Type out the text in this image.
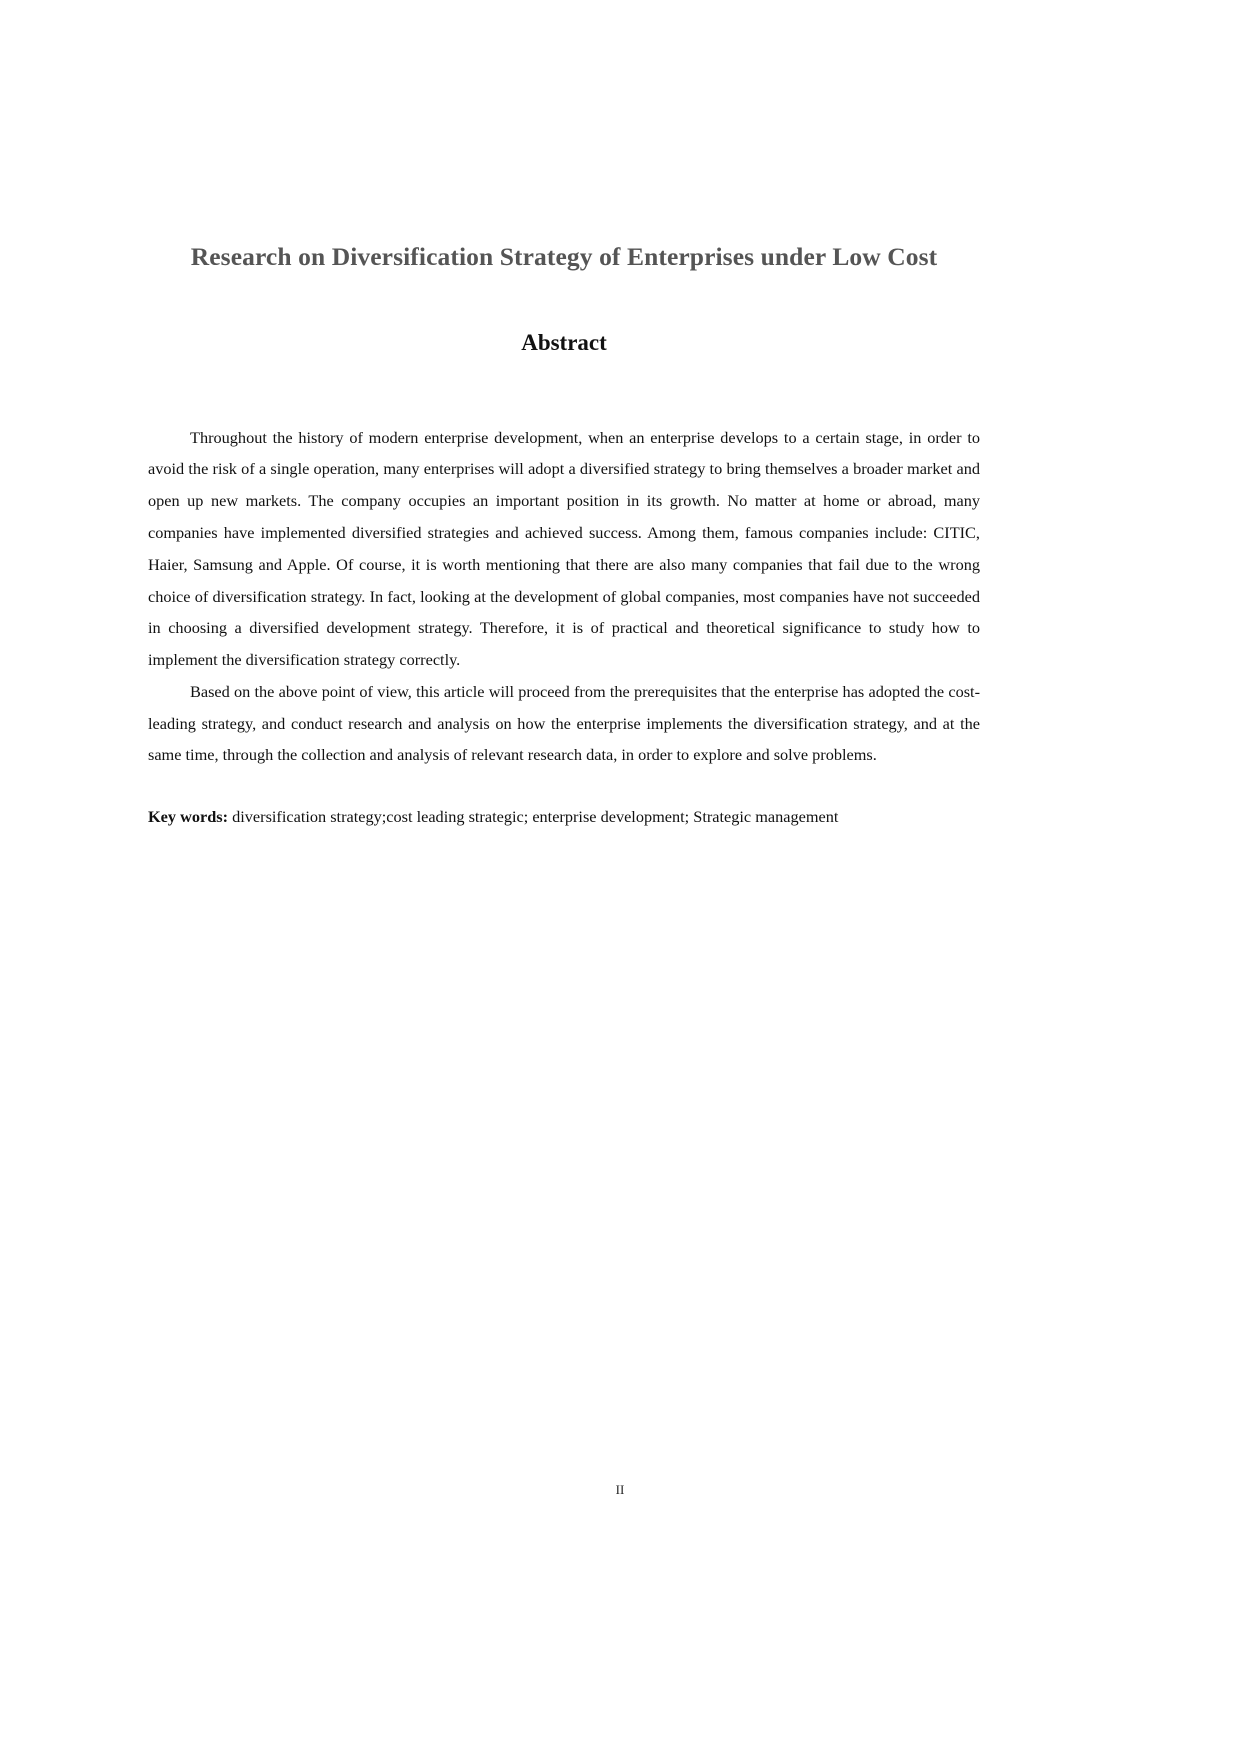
Research on Diversification Strategy of Enterprises under Low Cost
Abstract

Throughout the history of modern enterprise development, when an enterprise develops to a certain stage, in order to avoid the risk of a single operation, many enterprises will adopt a diversified strategy to bring themselves a broader market and open up new markets. The company occupies an important position in its growth. No matter at home or abroad, many companies have implemented diversified strategies and achieved success. Among them, famous companies include: CITIC, Haier, Samsung and Apple. Of course, it is worth mentioning that there are also many companies that fail due to the wrong choice of diversification strategy. In fact, looking at the development of global companies, most companies have not succeeded in choosing a diversified development strategy. Therefore, it is of practical and theoretical significance to study how to implement the diversification strategy correctly.

Based on the above point of view, this article will proceed from the prerequisites that the enterprise has adopted the cost-leading strategy, and conduct research and analysis on how the enterprise implements the diversification strategy, and at the same time, through the collection and analysis of relevant research data, in order to explore and solve problems.

Key words: diversification strategy;cost leading strategic; enterprise development; Strategic management

II
